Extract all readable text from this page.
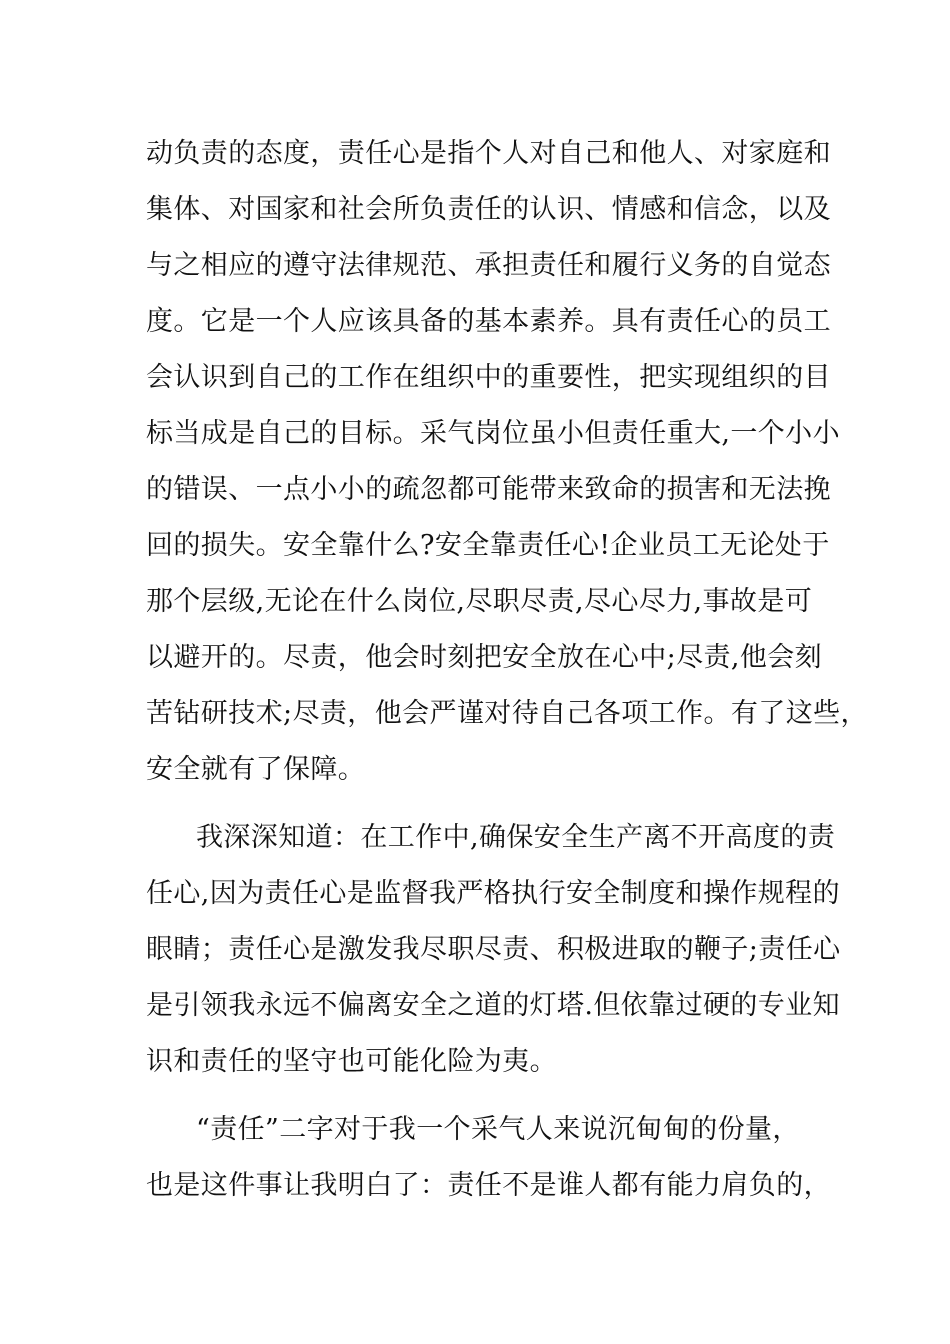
动负责的态度，责任心是指个人对自己和他人、对家庭和
集体、对国家和社会所负责任的认识、情感和信念，以及
与之相应的遵守法律规范、承担责任和履行义务的自觉态
度。它是一个人应该具备的基本素养。具有责任心的员工
会认识到自己的工作在组织中的重要性，把实现组织的目
标当成是自己的目标。采气岗位虽小但责任重大,一个小小
的错误、一点小小的疏忽都可能带来致命的损害和无法挽
回的损失。安全靠什么?安全靠责任心!企业员工无论处于
那个层级,无论在什么岗位,尽职尽责,尽心尽力,事故是可
以避开的。尽责，他会时刻把安全放在心中;尽责,他会刻
苦钻研技术;尽责，他会严谨对待自己各项工作。有了这些，
安全就有了保障。
我深深知道：在工作中,确保安全生产离不开高度的责
任心,因为责任心是监督我严格执行安全制度和操作规程的
眼睛；责任心是激发我尽职尽责、积极进取的鞭子;责任心
是引领我永远不偏离安全之道的灯塔.但依靠过硬的专业知
识和责任的坚守也可能化险为夷。
“责任”二字对于我一个采气人来说沉甸甸的份量，
也是这件事让我明白了：责任不是谁人都有能力肩负的，
